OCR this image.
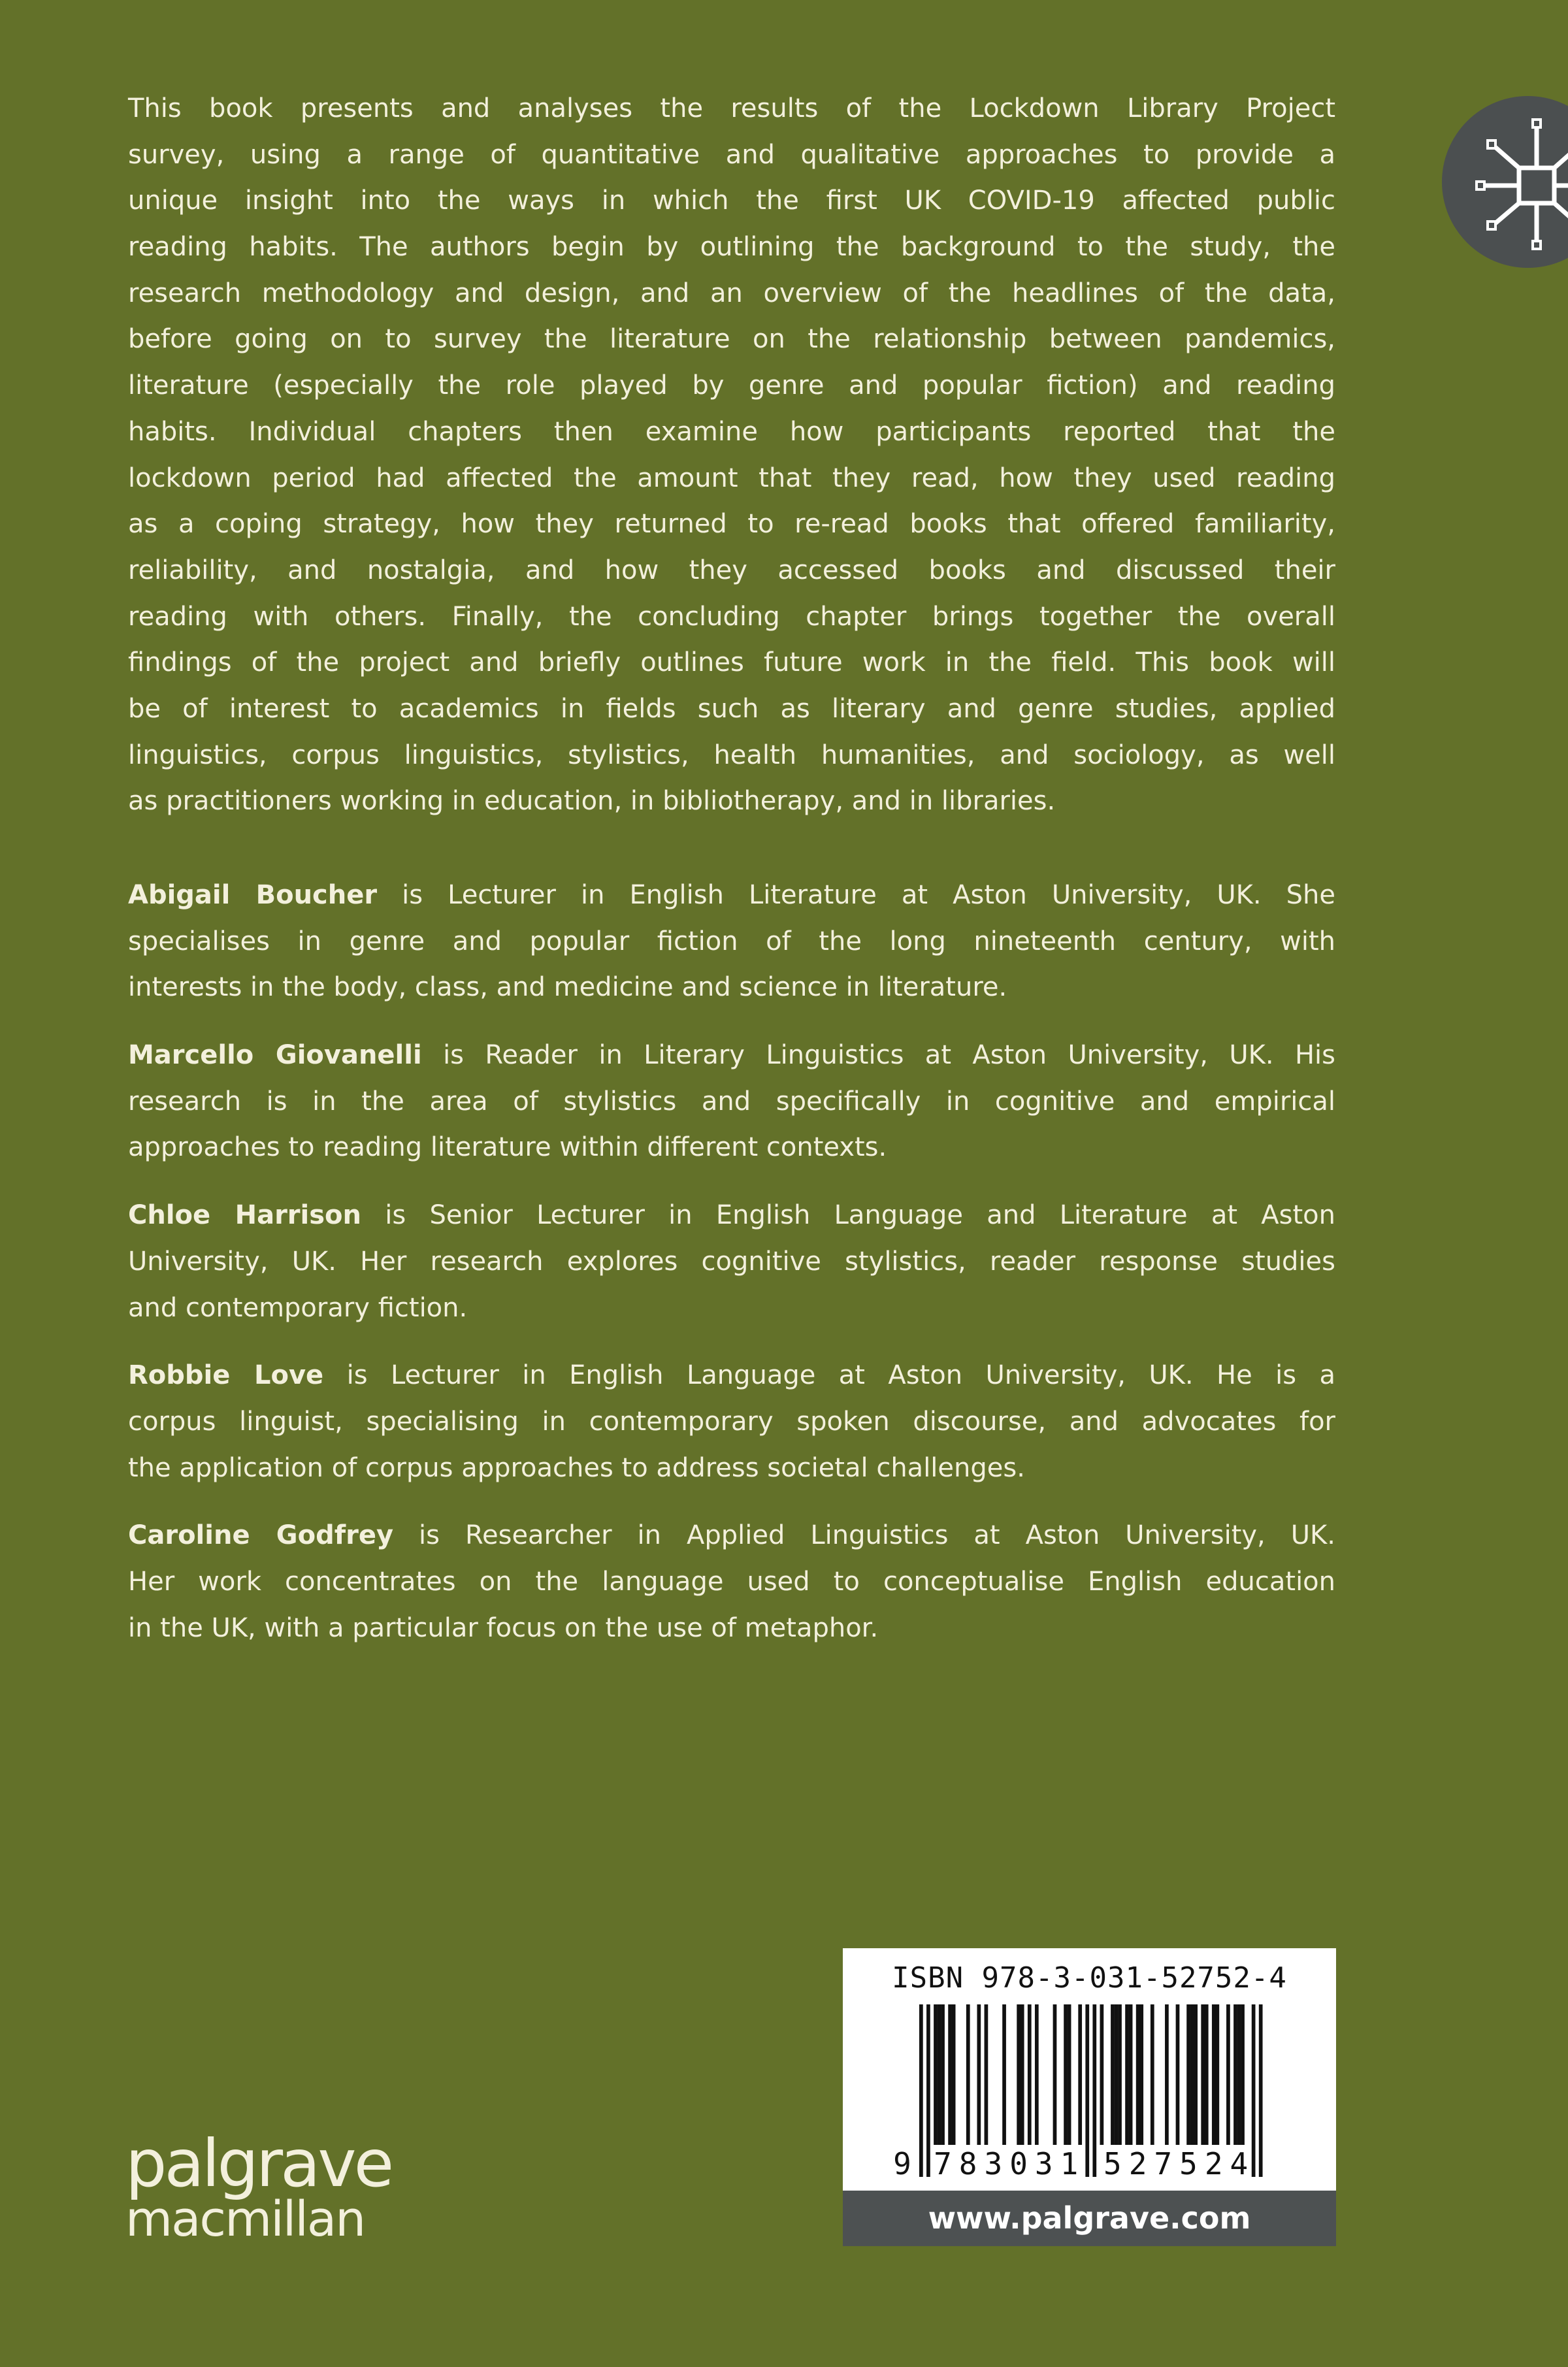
This book presents and analyses the results of the Lockdown Library Project
survey, using a range of quantitative and qualitative approaches to provide a
unique insight into the ways in which the first UK COVID-19 affected public
reading habits. The authors begin by outlining the background to the study, the
research methodology and design, and an overview of the headlines of the data,
before going on to survey the literature on the relationship between pandemics,
literature (especially the role played by genre and popular fiction) and reading
habits. Individual chapters then examine how participants reported that the
lockdown period had affected the amount that they read, how they used reading
as a coping strategy, how they returned to re-read books that offered familiarity,
reliability, and nostalgia, and how they accessed books and discussed their
reading with others. Finally, the concluding chapter brings together the overall
findings of the project and briefly outlines future work in the field. This book will
be of interest to academics in fields such as literary and genre studies, applied
linguistics, corpus linguistics, stylistics, health humanities, and sociology, as well
as practitioners working in education, in bibliotherapy, and in libraries.
Abigail Boucher is Lecturer in English Literature at Aston University, UK. She
specialises in genre and popular fiction of the long nineteenth century, with
interests in the body, class, and medicine and science in literature.
Marcello Giovanelli is Reader in Literary Linguistics at Aston University, UK. His
research is in the area of stylistics and specifically in cognitive and empirical
approaches to reading literature within different contexts.
Chloe Harrison is Senior Lecturer in English Language and Literature at Aston
University, UK. Her research explores cognitive stylistics, reader response studies
and contemporary fiction.
Robbie Love is Lecturer in English Language at Aston University, UK. He is a
corpus linguist, specialising in contemporary spoken discourse, and advocates for
the application of corpus approaches to address societal challenges.
Caroline Godfrey is Researcher in Applied Linguistics at Aston University, UK.
Her work concentrates on the language used to conceptualise English education
in the UK, with a particular focus on the use of metaphor.
palgrave
macmillan
ISBN 978-3-031-52752-4
9 7 8 3 0 3 1 5 2 7 5 2 4
www.palgrave.com
